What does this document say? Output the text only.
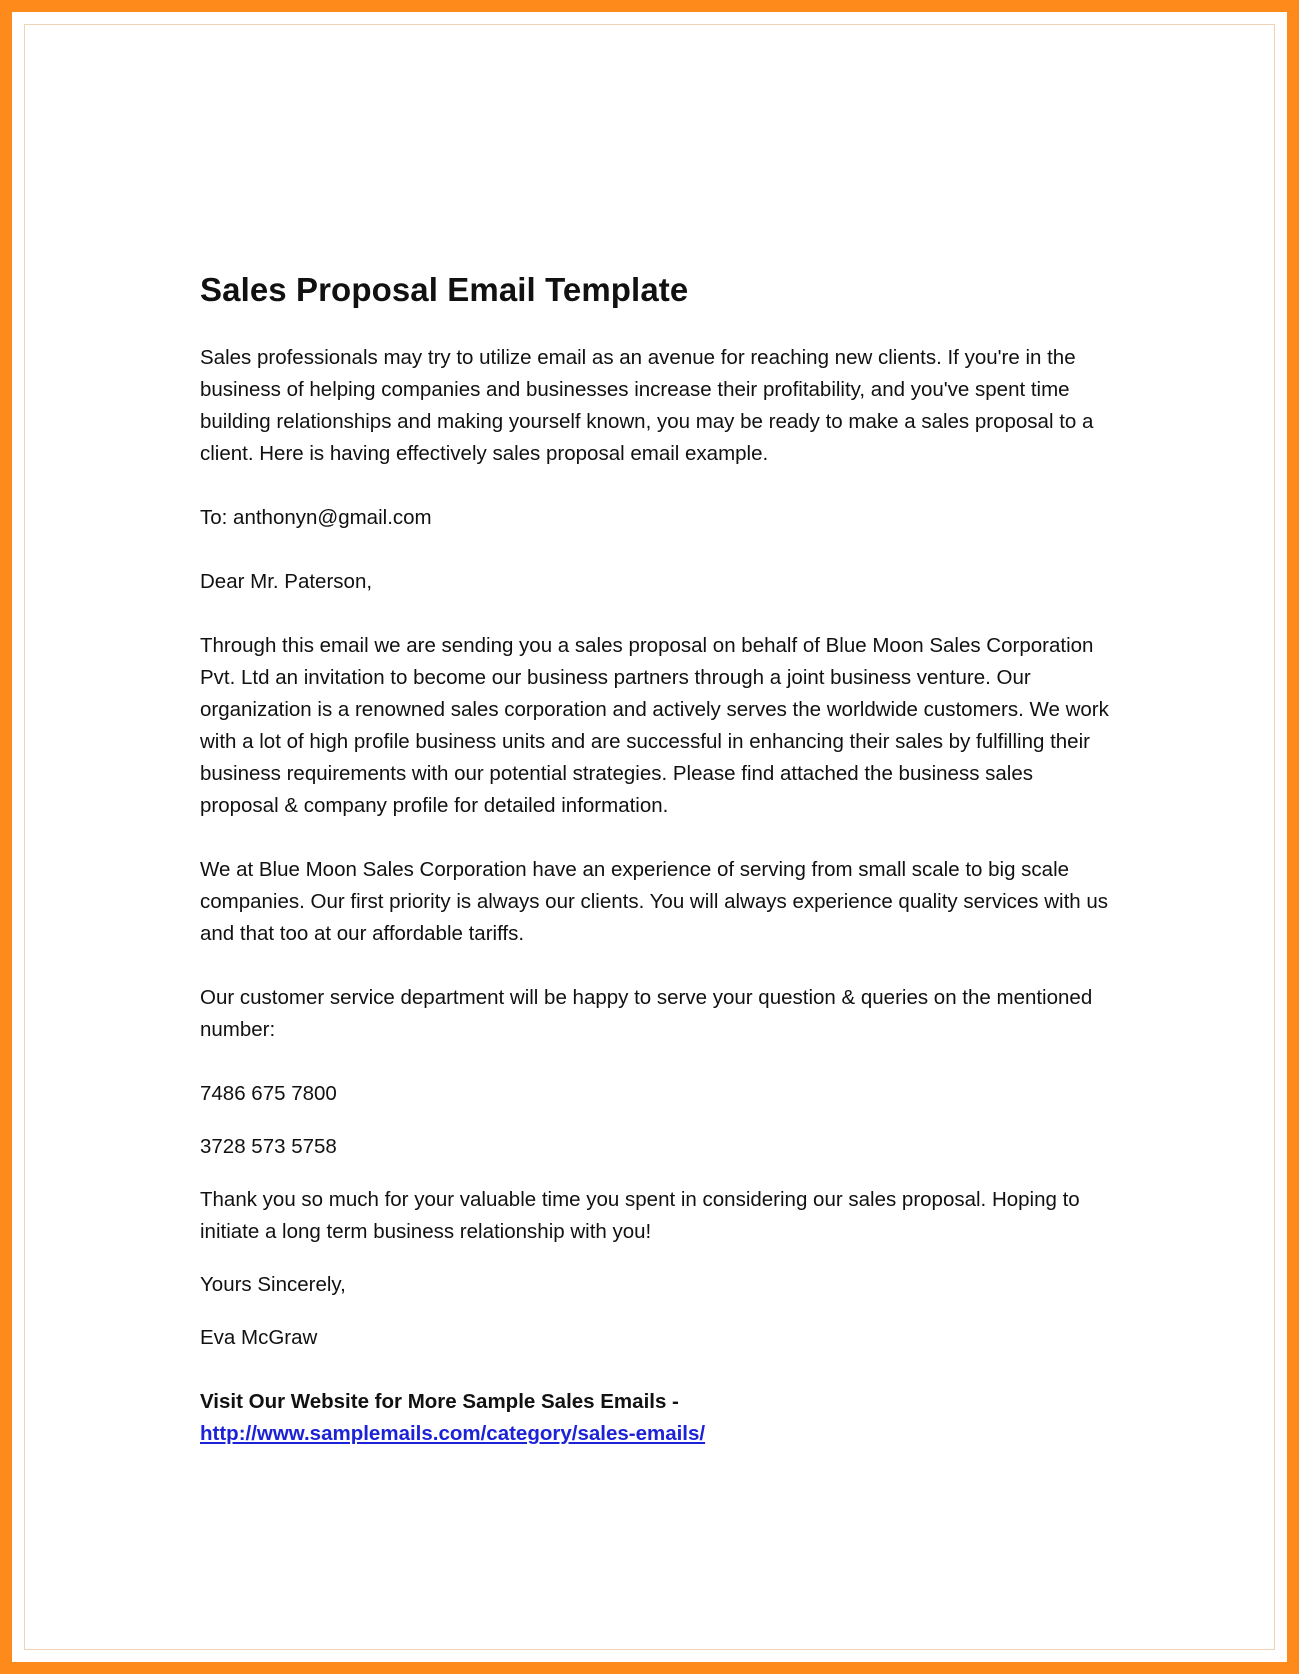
Sales Proposal Email Template
Sales professionals may try to utilize email as an avenue for reaching new clients. If you're in the business of helping companies and businesses increase their profitability, and you've spent time building relationships and making yourself known, you may be ready to make a sales proposal to a client. Here is having effectively sales proposal email example.
To: anthonyn@gmail.com
Dear Mr. Paterson,
Through this email we are sending you a sales proposal on behalf of Blue Moon Sales Corporation Pvt. Ltd an invitation to become our business partners through a joint business venture. Our organization is a renowned sales corporation and actively serves the worldwide customers. We work with a lot of high profile business units and are successful in enhancing their sales by fulfilling their business requirements with our potential strategies. Please find attached the business sales proposal & company profile for detailed information.
We at Blue Moon Sales Corporation have an experience of serving from small scale to big scale companies. Our first priority is always our clients. You will always experience quality services with us and that too at our affordable tariffs.
Our customer service department will be happy to serve your question & queries on the mentioned number:
7486 675 7800
3728 573 5758
Thank you so much for your valuable time you spent in considering our sales proposal. Hoping to initiate a long term business relationship with you!
Yours Sincerely,
Eva McGraw
Visit Our Website for More Sample Sales Emails -
http://www.samplemails.com/category/sales-emails/
